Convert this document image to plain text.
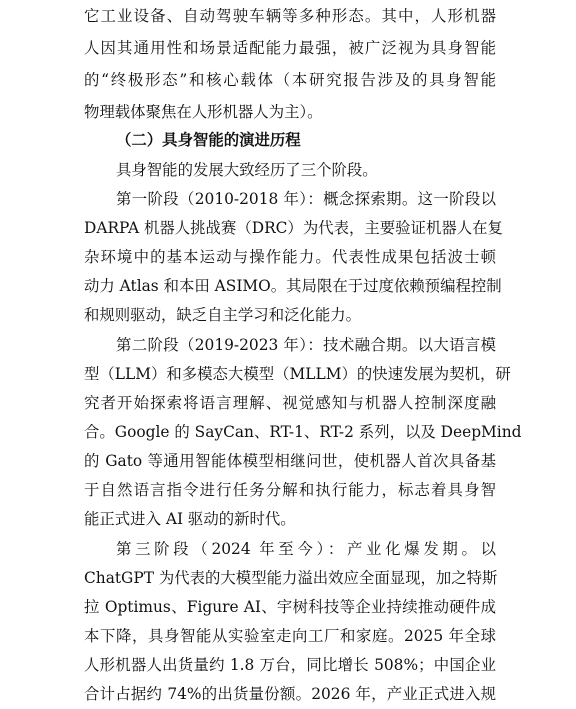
它工业设备、自动驾驶车辆等多种形态。其中，人形机器
人因其通用性和场景适配能力最强，被广泛视为具身智能
的“终极形态”和核心载体（本研究报告涉及的具身智能
物理载体聚焦在人形机器人为主）。
（二）具身智能的演进历程
具身智能的发展大致经历了三个阶段。
第一阶段（2010-2018 年）：概念探索期。这一阶段以
DARPA 机器人挑战赛（DRC）为代表，主要验证机器人在复
杂环境中的基本运动与操作能力。代表性成果包括波士顿
动力 Atlas 和本田 ASIMO。其局限在于过度依赖预编程控制
和规则驱动，缺乏自主学习和泛化能力。
第二阶段（2019-2023 年）：技术融合期。以大语言模
型（LLM）和多模态大模型（MLLM）的快速发展为契机，研
究者开始探索将语言理解、视觉感知与机器人控制深度融
合。Google 的 SayCan、RT-1、RT-2 系列，以及 DeepMind
的 Gato 等通用智能体模型相继问世，使机器人首次具备基
于自然语言指令进行任务分解和执行能力，标志着具身智
能正式进入 AI 驱动的新时代。
第三阶段（2024 年至今）：产业化爆发期。以
ChatGPT 为代表的大模型能力溢出效应全面显现，加之特斯
拉 Optimus、Figure AI、宇树科技等企业持续推动硬件成
本下降，具身智能从实验室走向工厂和家庭。2025 年全球
人形机器人出货量约 1.8 万台，同比增长 508%；中国企业
合计占据约 74%的出货量份额。2026 年，产业正式进入规
